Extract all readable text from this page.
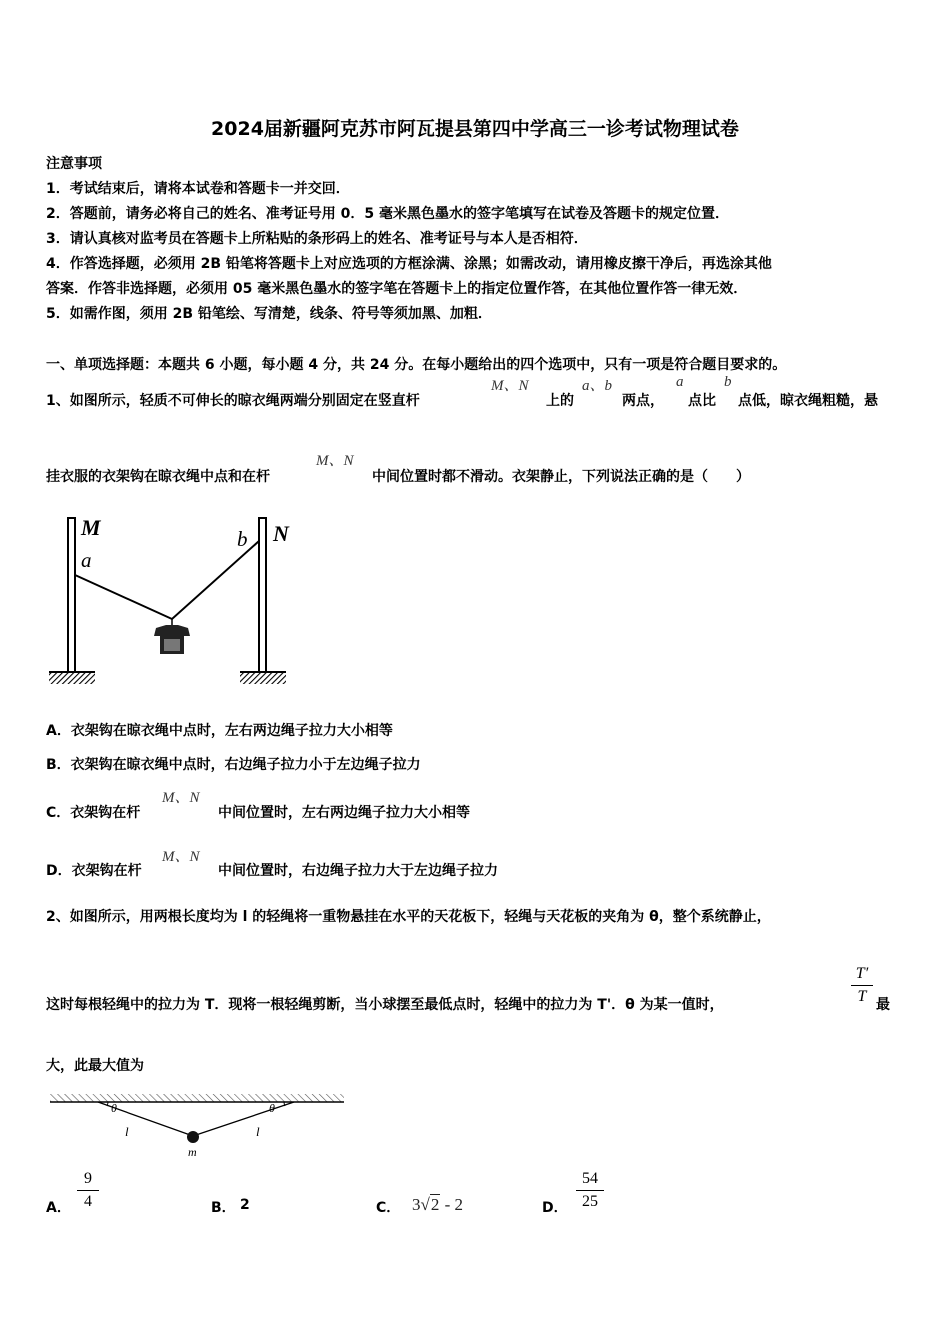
2024届新疆阿克苏市阿瓦提县第四中学高三一诊考试物理试卷
注意事项
1．考试结束后，请将本试卷和答题卡一并交回．
2．答题前，请务必将自己的姓名、准考证号用 0．5 毫米黑色墨水的签字笔填写在试卷及答题卡的规定位置．
3．请认真核对监考员在答题卡上所粘贴的条形码上的姓名、准考证号与本人是否相符．
4．作答选择题，必须用 2B 铅笔将答题卡上对应选项的方框涂满、涂黑；如需改动，请用橡皮擦干净后，再选涂其他
答案．作答非选择题，必须用 05 毫米黑色墨水的签字笔在答题卡上的指定位置作答，在其他位置作答一律无效．
5．如需作图，须用 2B 铅笔绘、写清楚，线条、符号等须加黑、加粗．
一、单项选择题：本题共 6 小题，每小题 4 分，共 24 分。在每小题给出的四个选项中，只有一项是符合题目要求的。
1、如图所示，轻质不可伸长的晾衣绳两端分别固定在竖直杆
M、N
上的
a、b
两点，
a
点比
b
点低，晾衣绳粗糙，悬
挂衣服的衣架钩在晾衣绳中点和在杆
M、N
中间位置时都不滑动。衣架静止，下列说法正确的是（　　）
M
a
b N
A．衣架钩在晾衣绳中点时，左右两边绳子拉力大小相等
B．衣架钩在晾衣绳中点时，右边绳子拉力小于左边绳子拉力
C．衣架钩在杆
M、N
中间位置时，左右两边绳子拉力大小相等
D．衣架钩在杆
M、N
中间位置时，右边绳子拉力大于左边绳子拉力
2、如图所示，用两根长度均为 l 的轻绳将一重物悬挂在水平的天花板下，轻绳与天花板的夹角为 θ，整个系统静止，
这时每根轻绳中的拉力为 T．现将一根轻绳剪断，当小球摆至最低点时，轻绳中的拉力为 T'．θ 为某一值时，
T′
T 最
大，此最大值为
θ	θ
l	l
m
A．
9
4	B． 2	C． 3√2 - 2	D．
54
25
